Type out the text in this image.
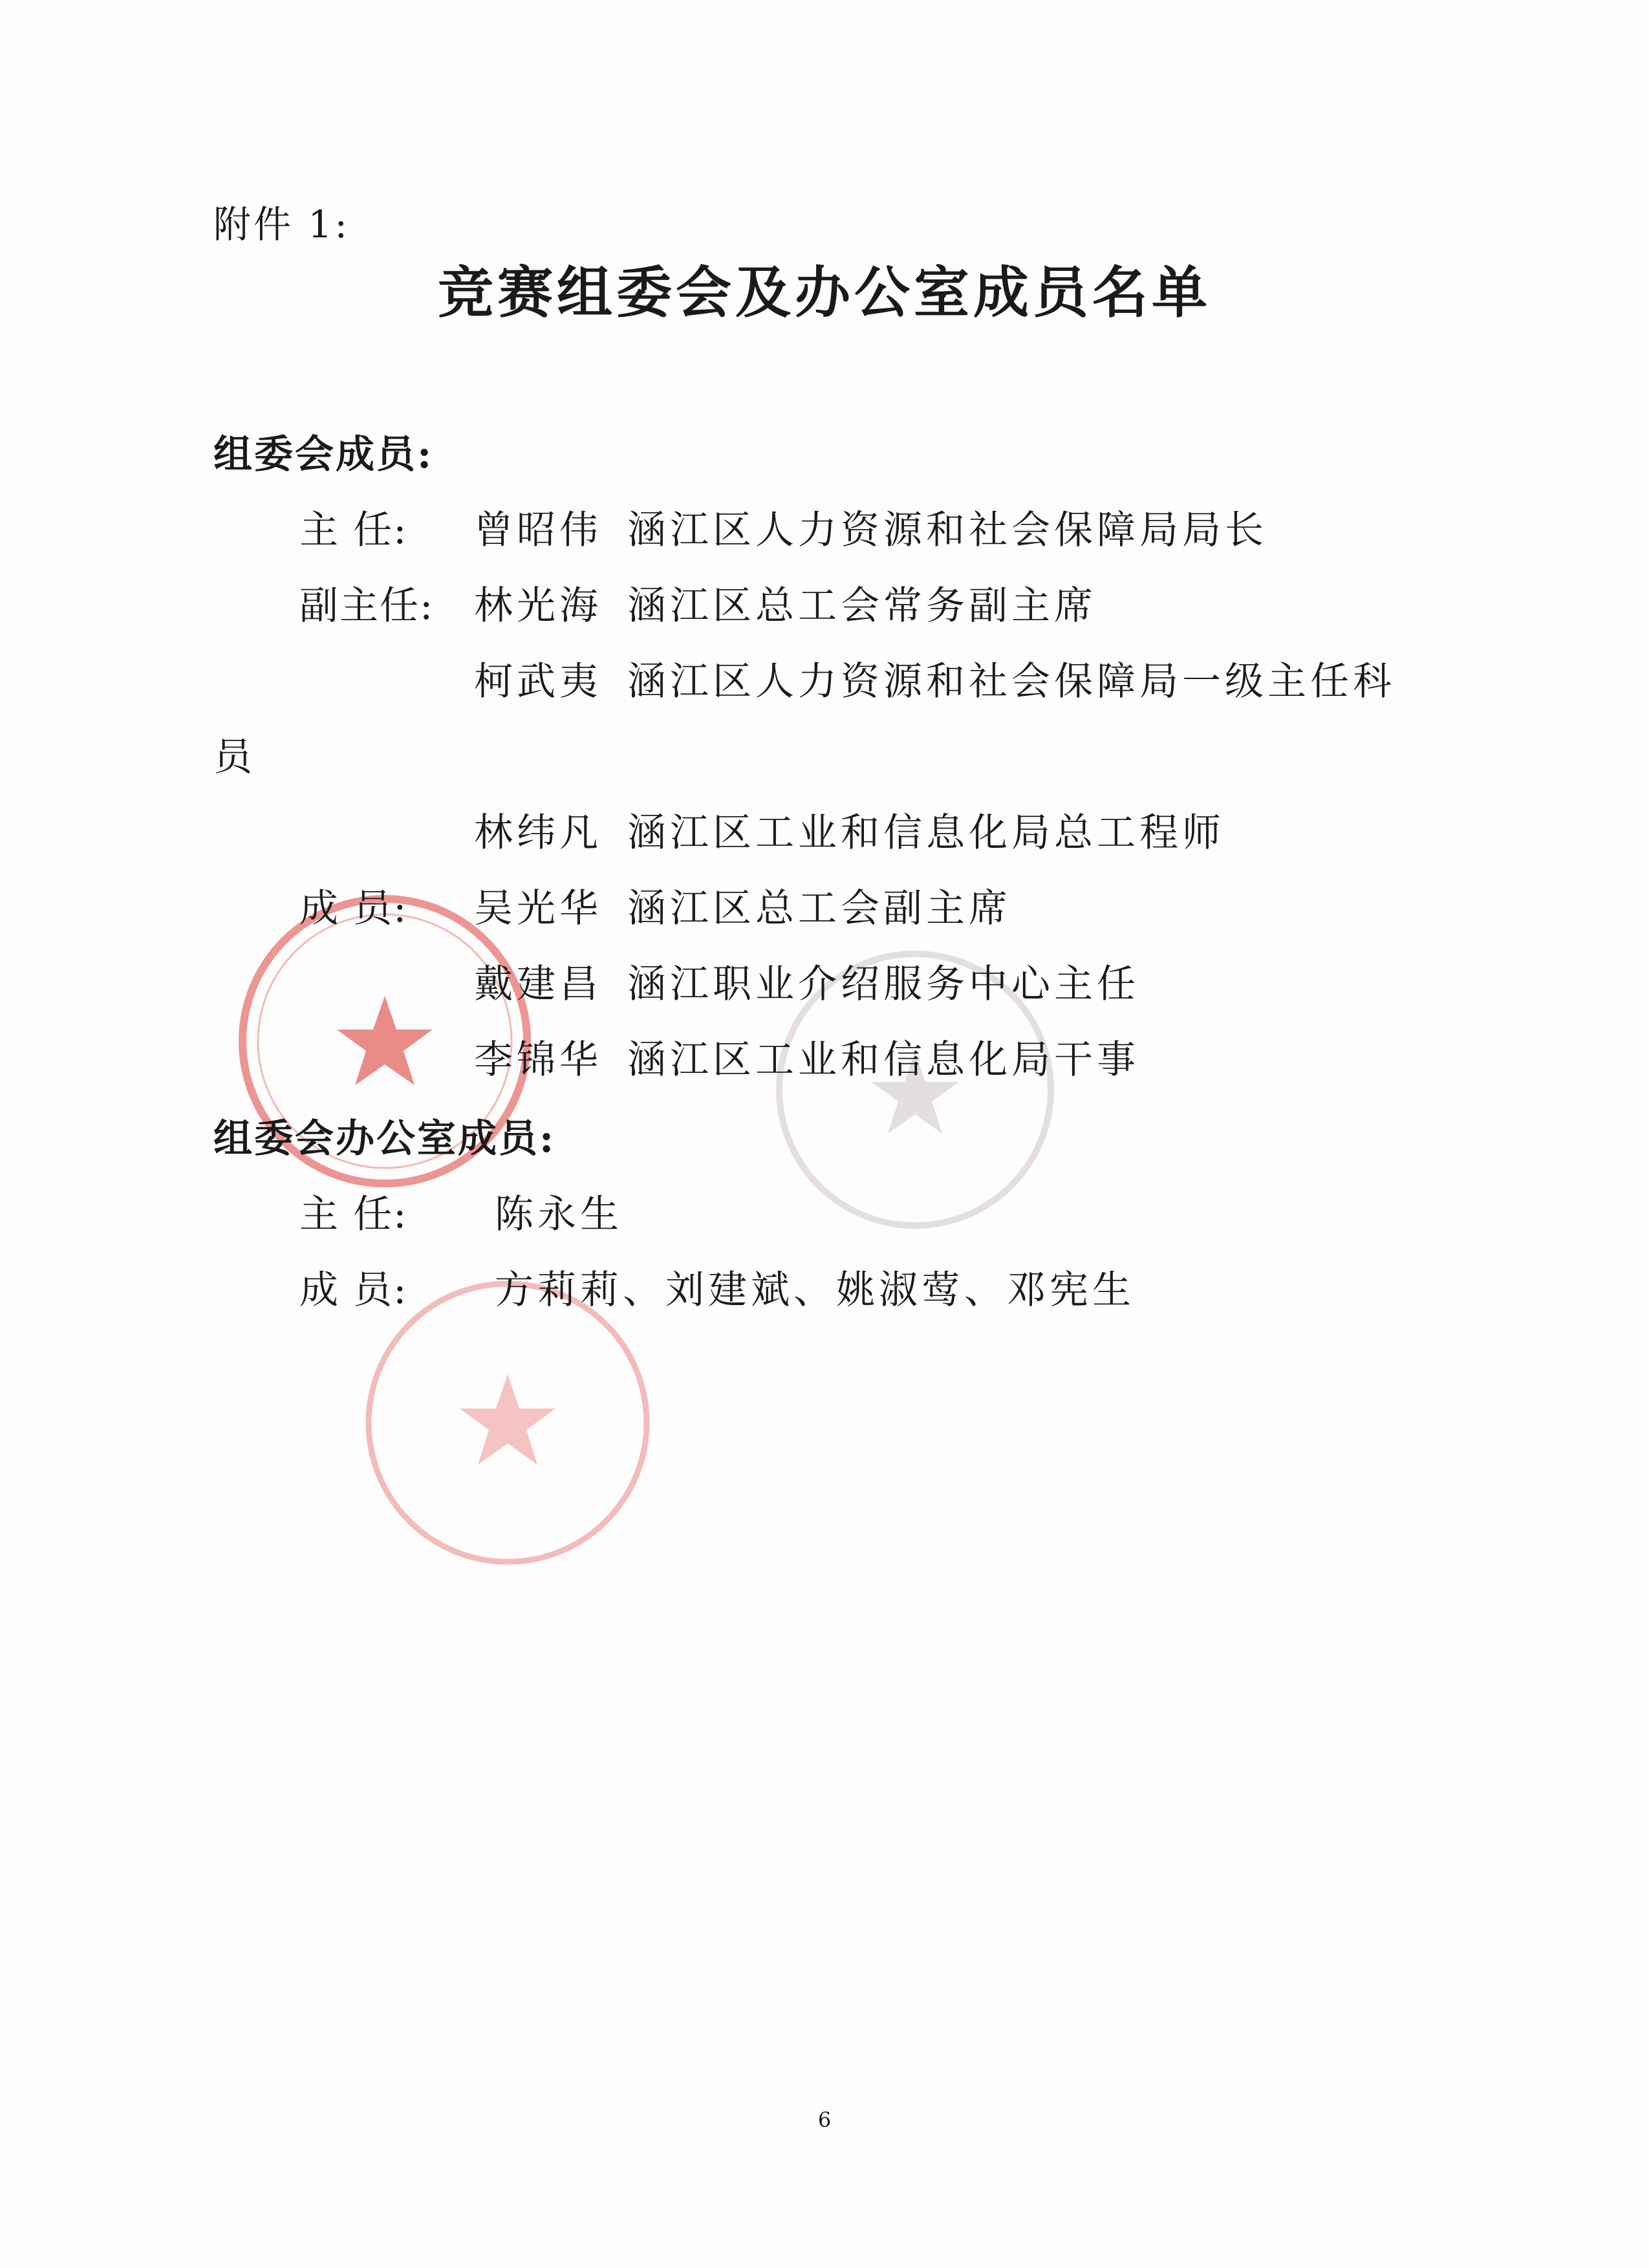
附件 1:
竞赛组委会及办公室成员名单
组委会成员:
主 任: 曾昭伟 涵江区人力资源和社会保障局局长
副主任: 林光海 涵江区总工会常务副主席
柯武夷 涵江区人力资源和社会保障局一级主任科
员
林纬凡 涵江区工业和信息化局总工程师
成 员: 吴光华 涵江区总工会副主席
戴建昌 涵江职业介绍服务中心主任
李锦华 涵江区工业和信息化局干事
组委会办公室成员:
主 任: 陈永生
成 员: 方莉莉、刘建斌、姚淑莺、邓宪生
6
